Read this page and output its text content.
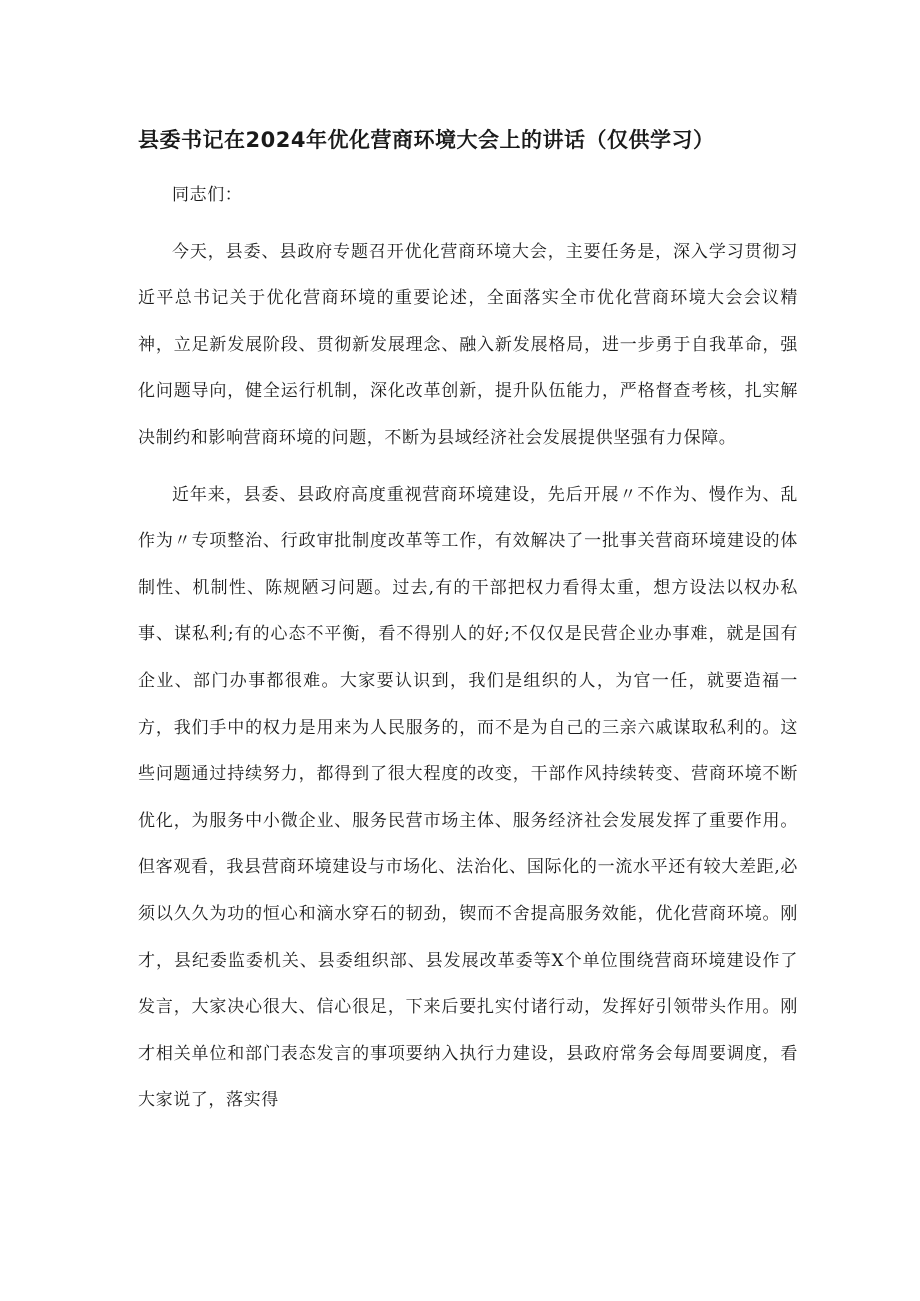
县委书记在2024年优化营商环境大会上的讲话（仅供学习）

同志们：

今天，县委、县政府专题召开优化营商环境大会，主要任务是，深入学习贯彻习近平总书记关于优化营商环境的重要论述，全面落实全市优化营商环境大会会议精神，立足新发展阶段、贯彻新发展理念、融入新发展格局，进一步勇于自我革命，强化问题导向，健全运行机制，深化改革创新，提升队伍能力，严格督查考核，扎实解决制约和影响营商环境的问题，不断为县域经济社会发展提供坚强有力保障。

近年来，县委、县政府高度重视营商环境建设，先后开展〃不作为、慢作为、乱作为〃专项整治、行政审批制度改革等工作，有效解决了一批事关营商环境建设的体制性、机制性、陈规陋习问题。过去,有的干部把权力看得太重，想方设法以权办私事、谋私利;有的心态不平衡，看不得别人的好;不仅仅是民营企业办事难，就是国有企业、部门办事都很难。大家要认识到，我们是组织的人，为官一任，就要造福一方，我们手中的权力是用来为人民服务的，而不是为自己的三亲六戚谋取私利的。这些问题通过持续努力，都得到了很大程度的改变，干部作风持续转变、营商环境不断优化，为服务中小微企业、服务民营市场主体、服务经济社会发展发挥了重要作用。但客观看，我县营商环境建设与市场化、法治化、国际化的一流水平还有较大差距,必须以久久为功的恒心和滴水穿石的韧劲，锲而不舍提高服务效能，优化营商环境。刚才，县纪委监委机关、县委组织部、县发展改革委等X个单位围绕营商环境建设作了发言，大家决心很大、信心很足，下来后要扎实付诸行动，发挥好引领带头作用。刚才相关单位和部门表态发言的事项要纳入执行力建设，县政府常务会每周要调度，看大家说了，落实得
